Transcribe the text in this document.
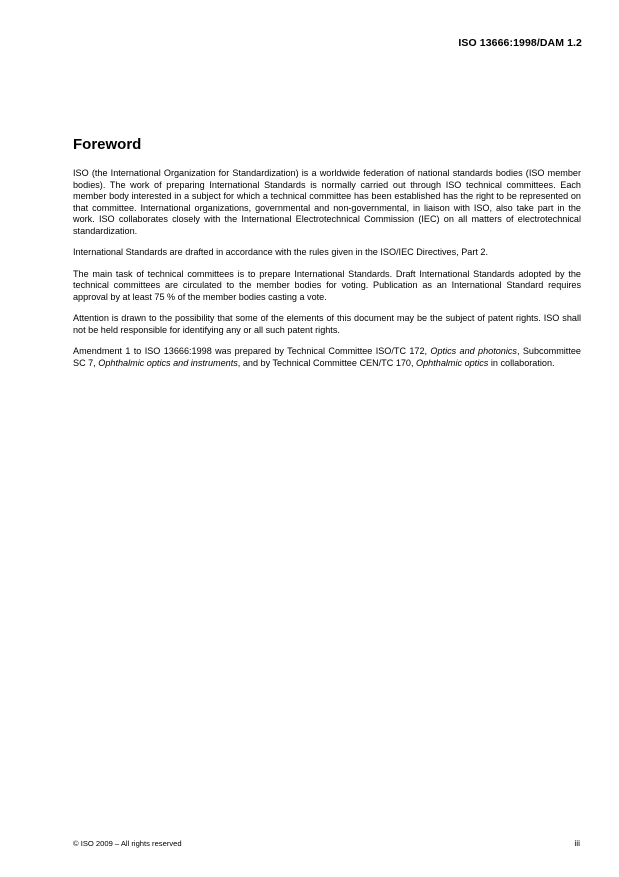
ISO 13666:1998/DAM 1.2
Foreword

ISO (the International Organization for Standardization) is a worldwide federation of national standards bodies (ISO member bodies). The work of preparing International Standards is normally carried out through ISO technical committees. Each member body interested in a subject for which a technical committee has been established has the right to be represented on that committee. International organizations, governmental and non-governmental, in liaison with ISO, also take part in the work. ISO collaborates closely with the International Electrotechnical Commission (IEC) on all matters of electrotechnical standardization.

International Standards are drafted in accordance with the rules given in the ISO/IEC Directives, Part 2.

The main task of technical committees is to prepare International Standards. Draft International Standards adopted by the technical committees are circulated to the member bodies for voting. Publication as an International Standard requires approval by at least 75 % of the member bodies casting a vote.

Attention is drawn to the possibility that some of the elements of this document may be the subject of patent rights. ISO shall not be held responsible for identifying any or all such patent rights.

Amendment 1 to ISO 13666:1998 was prepared by Technical Committee ISO/TC 172, Optics and photonics, Subcommittee SC 7, Ophthalmic optics and instruments, and by Technical Committee CEN/TC 170, Ophthalmic optics in collaboration.

© ISO 2009 – All rights reserved	iii
